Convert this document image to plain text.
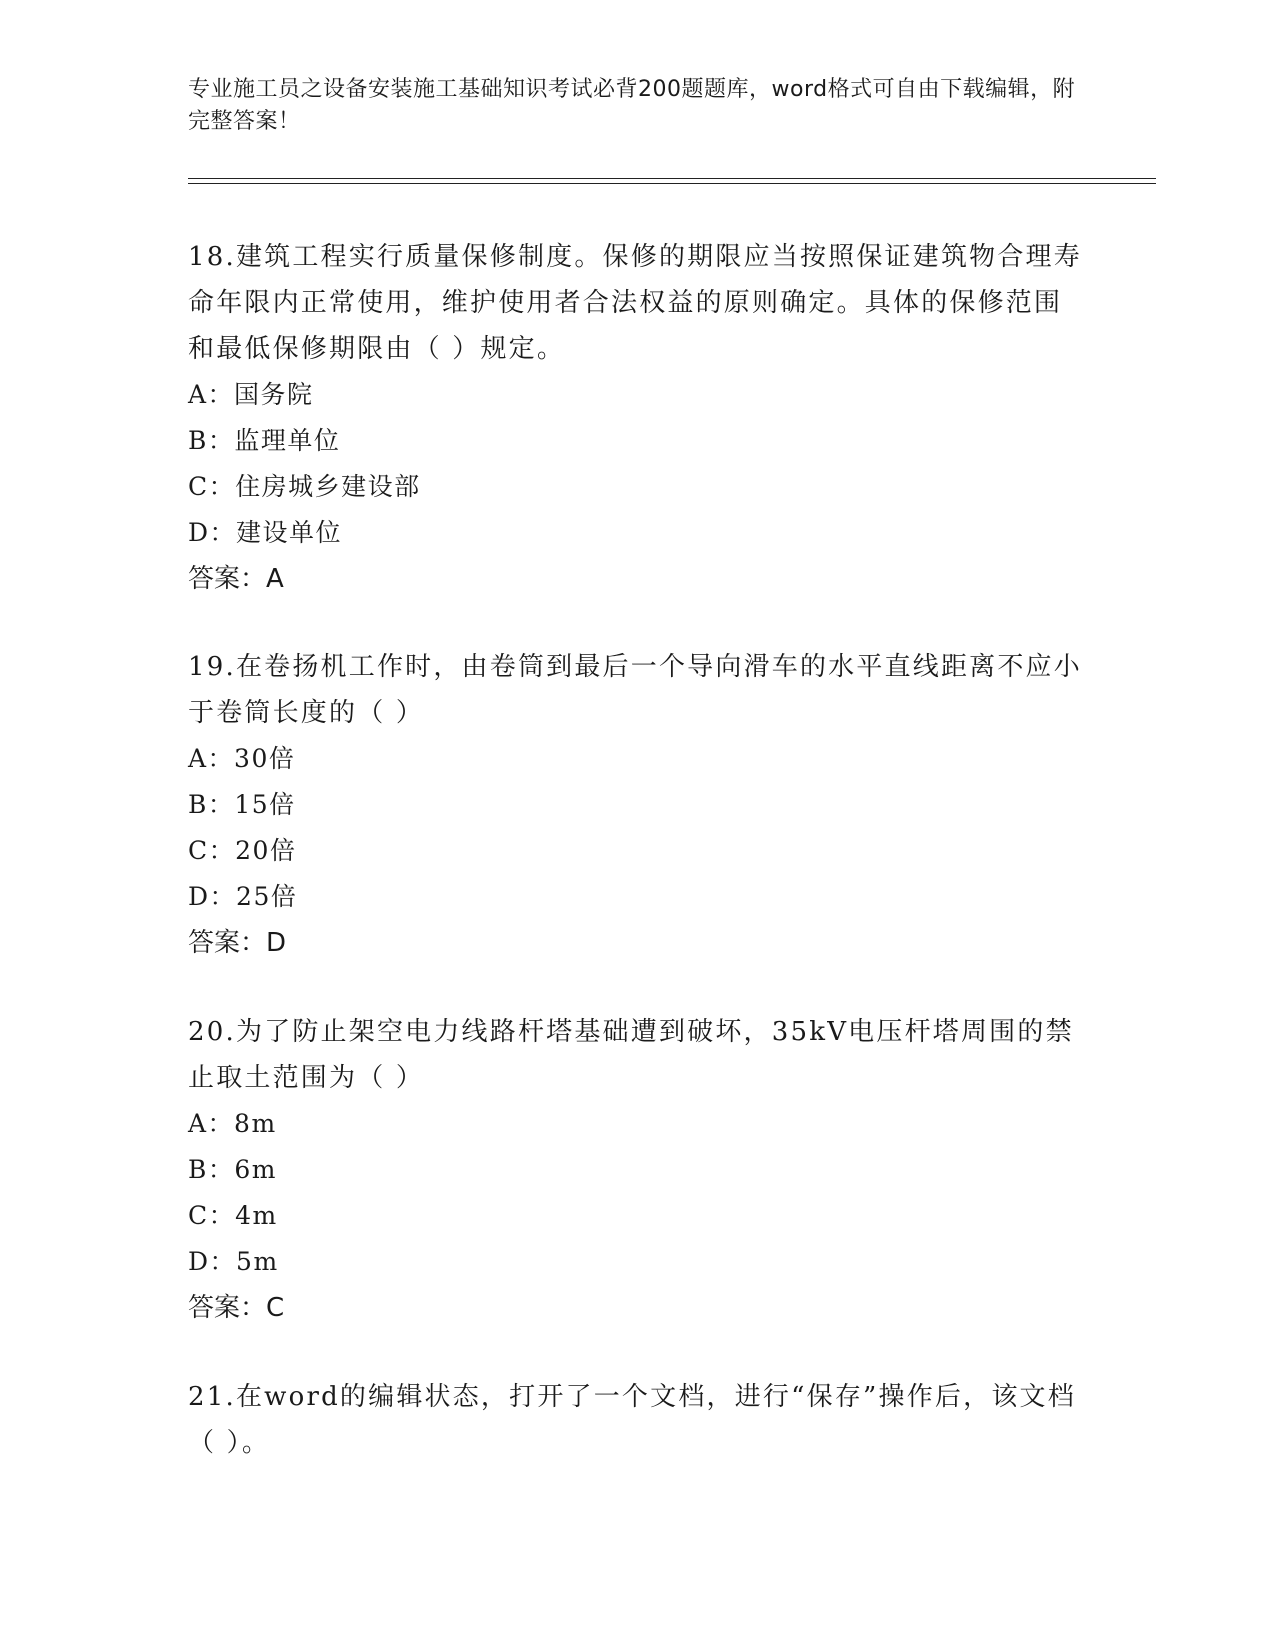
专业施工员之设备安装施工基础知识考试必背200题题库，word格式可自由下载编辑，附完整答案！

18.建筑工程实行质量保修制度。保修的期限应当按照保证建筑物合理寿命年限内正常使用，维护使用者合法权益的原则确定。具体的保修范围和最低保修期限由（ ）规定。

A：国务院

B：监理单位

C：住房城乡建设部

D：建设单位

答案：A

19.在卷扬机工作时，由卷筒到最后一个导向滑车的水平直线距离不应小于卷筒长度的（ ）

A：30倍

B：15倍

C：20倍

D：25倍

答案：D

20.为了防止架空电力线路杆塔基础遭到破坏，35kV电压杆塔周围的禁止取土范围为（ ）

A：8m

B：6m

C：4m

D：5m

答案：C

21.在word的编辑状态，打开了一个文档，进行“保存”操作后，该文档（ ）。
